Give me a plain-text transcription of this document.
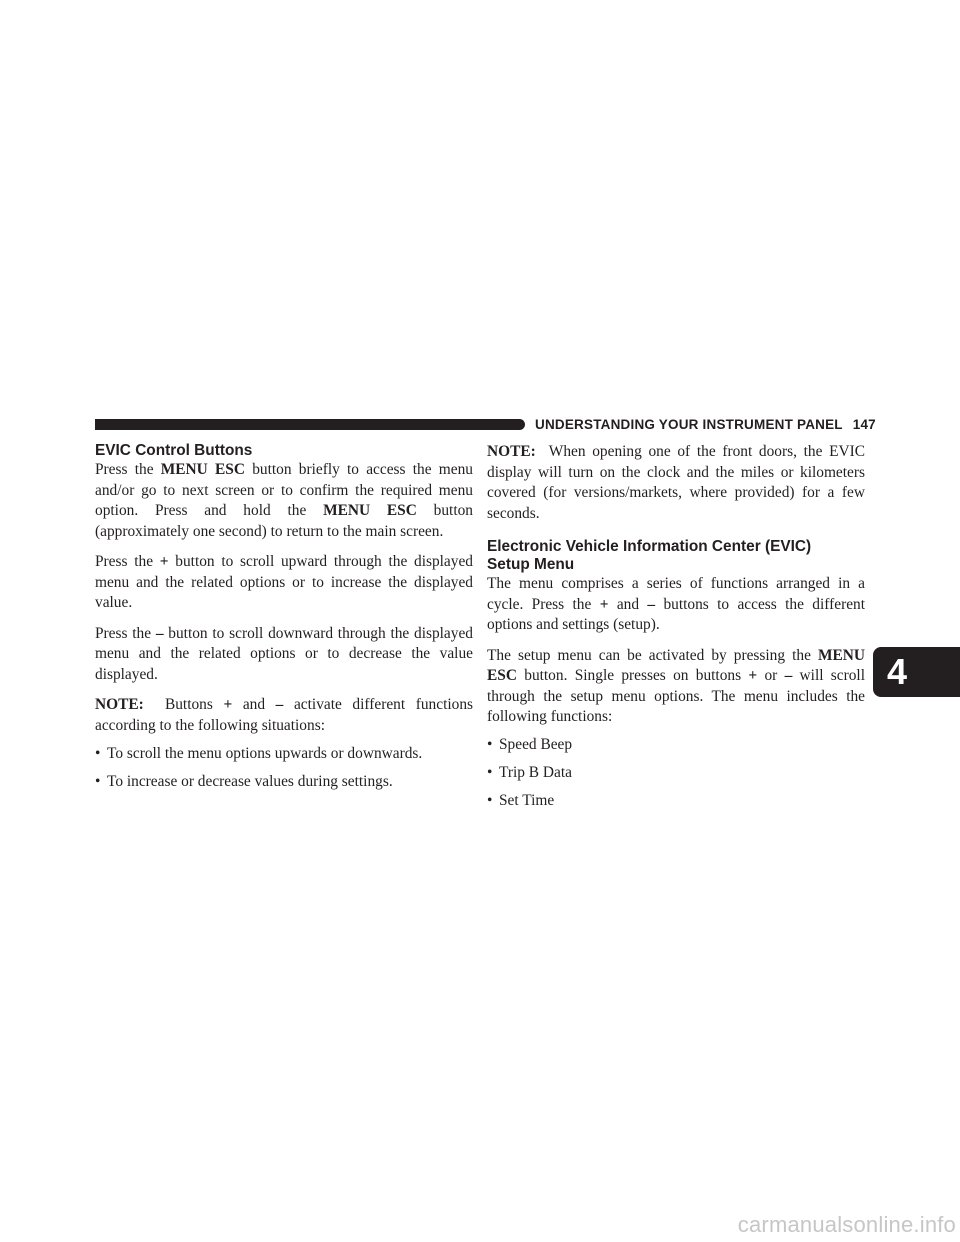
UNDERSTANDING YOUR INSTRUMENT PANEL 147
4
EVIC Control Buttons

Press the MENU ESC button briefly to access the menu and/or go to next screen or to confirm the required menu option. Press and hold the MENU ESC button (approximately one second) to return to the main screen.

Press the + button to scroll upward through the displayed menu and the related options or to increase the displayed value.

Press the – button to scroll downward through the displayed menu and the related options or to decrease the value displayed.

NOTE:  Buttons + and – activate different functions according to the following situations:

• To scroll the menu options upwards or downwards.
• To increase or decrease values during settings.

NOTE:  When opening one of the front doors, the EVIC display will turn on the clock and the miles or kilometers covered (for versions/markets, where provided) for a few seconds.

Electronic Vehicle Information Center (EVIC)
Setup Menu

The menu comprises a series of functions arranged in a cycle. Press the + and – buttons to access the different options and settings (setup).

The setup menu can be activated by pressing the MENU ESC button. Single presses on buttons + or – will scroll through the setup menu options. The menu includes the following functions:

• Speed Beep
• Trip B Data
• Set Time
carmanualsonline.info
